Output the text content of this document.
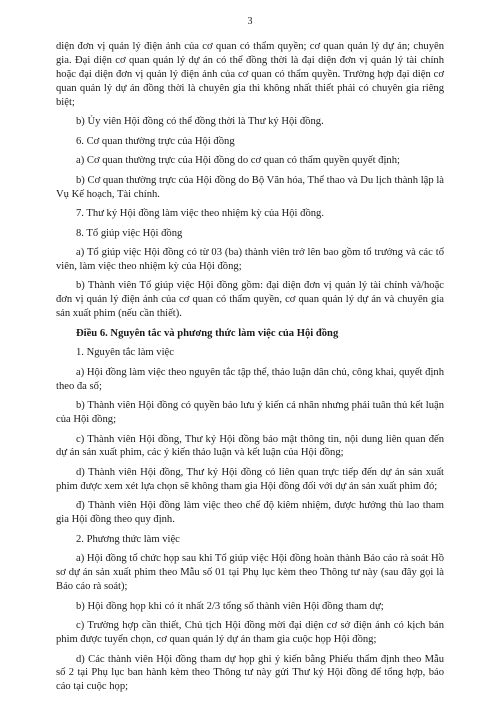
3

diện đơn vị quản lý điện ảnh của cơ quan có thẩm quyền; cơ quan quản lý dự án; chuyên gia. Đại diện cơ quan quản lý dự án có thể đồng thời là đại diện đơn vị quản lý tài chính hoặc đại diện đơn vị quản lý điện ảnh của cơ quan có thẩm quyền. Trường hợp đại diện cơ quan quản lý dự án đồng thời là chuyên gia thì không nhất thiết phải có chuyên gia riêng biệt;

b) Ủy viên Hội đồng có thể đồng thời là Thư ký Hội đồng.

6. Cơ quan thường trực của Hội đồng

a) Cơ quan thường trực của Hội đồng do cơ quan có thẩm quyền quyết định;

b) Cơ quan thường trực của Hội đồng do Bộ Văn hóa, Thể thao và Du lịch thành lập là Vụ Kế hoạch, Tài chính.

7. Thư ký Hội đồng làm việc theo nhiệm kỳ của Hội đồng.

8. Tổ giúp việc Hội đồng

a) Tổ giúp việc Hội đồng có từ 03 (ba) thành viên trở lên bao gồm tổ trưởng và các tổ viên, làm việc theo nhiệm kỳ của Hội đồng;

b) Thành viên Tổ giúp việc Hội đồng gồm: đại diện đơn vị quản lý tài chính và/hoặc đơn vị quản lý điện ảnh của cơ quan có thẩm quyền, cơ quan quản lý dự án và chuyên gia sản xuất phim (nếu cần thiết).

Điều 6. Nguyên tắc và phương thức làm việc của Hội đồng

1. Nguyên tắc làm việc

a) Hội đồng làm việc theo nguyên tắc tập thể, thảo luận dân chủ, công khai, quyết định theo đa số;

b) Thành viên Hội đồng có quyền bảo lưu ý kiến cá nhân nhưng phải tuân thủ kết luận của Hội đồng;

c) Thành viên Hội đồng, Thư ký Hội đồng bảo mật thông tin, nội dung liên quan đến dự án sản xuất phim, các ý kiến thảo luận và kết luận của Hội đồng;

d) Thành viên Hội đồng, Thư ký Hội đồng có liên quan trực tiếp đến dự án sản xuất phim được xem xét lựa chọn sẽ không tham gia Hội đồng đối với dự án sản xuất phim đó;

đ) Thành viên Hội đồng làm việc theo chế độ kiêm nhiệm, được hưởng thù lao tham gia Hội đồng theo quy định.

2. Phương thức làm việc

a) Hội đồng tổ chức họp sau khi Tổ giúp việc Hội đồng hoàn thành Báo cáo rà soát Hồ sơ dự án sản xuất phim theo Mẫu số 01 tại Phụ lục kèm theo Thông tư này (sau đây gọi là Báo cáo rà soát);

b) Hội đồng họp khi có ít nhất 2/3 tổng số thành viên Hội đồng tham dự;

c) Trường hợp cần thiết, Chủ tịch Hội đồng mời đại diện cơ sở điện ảnh có kịch bản phim được tuyển chọn, cơ quan quản lý dự án tham gia cuộc họp Hội đồng;

d) Các thành viên Hội đồng tham dự họp ghi ý kiến bằng Phiếu thẩm định theo Mẫu số 2 tại Phụ lục ban hành kèm theo Thông tư này gửi Thư ký Hội đồng để tổng hợp, báo cáo tại cuộc họp;
